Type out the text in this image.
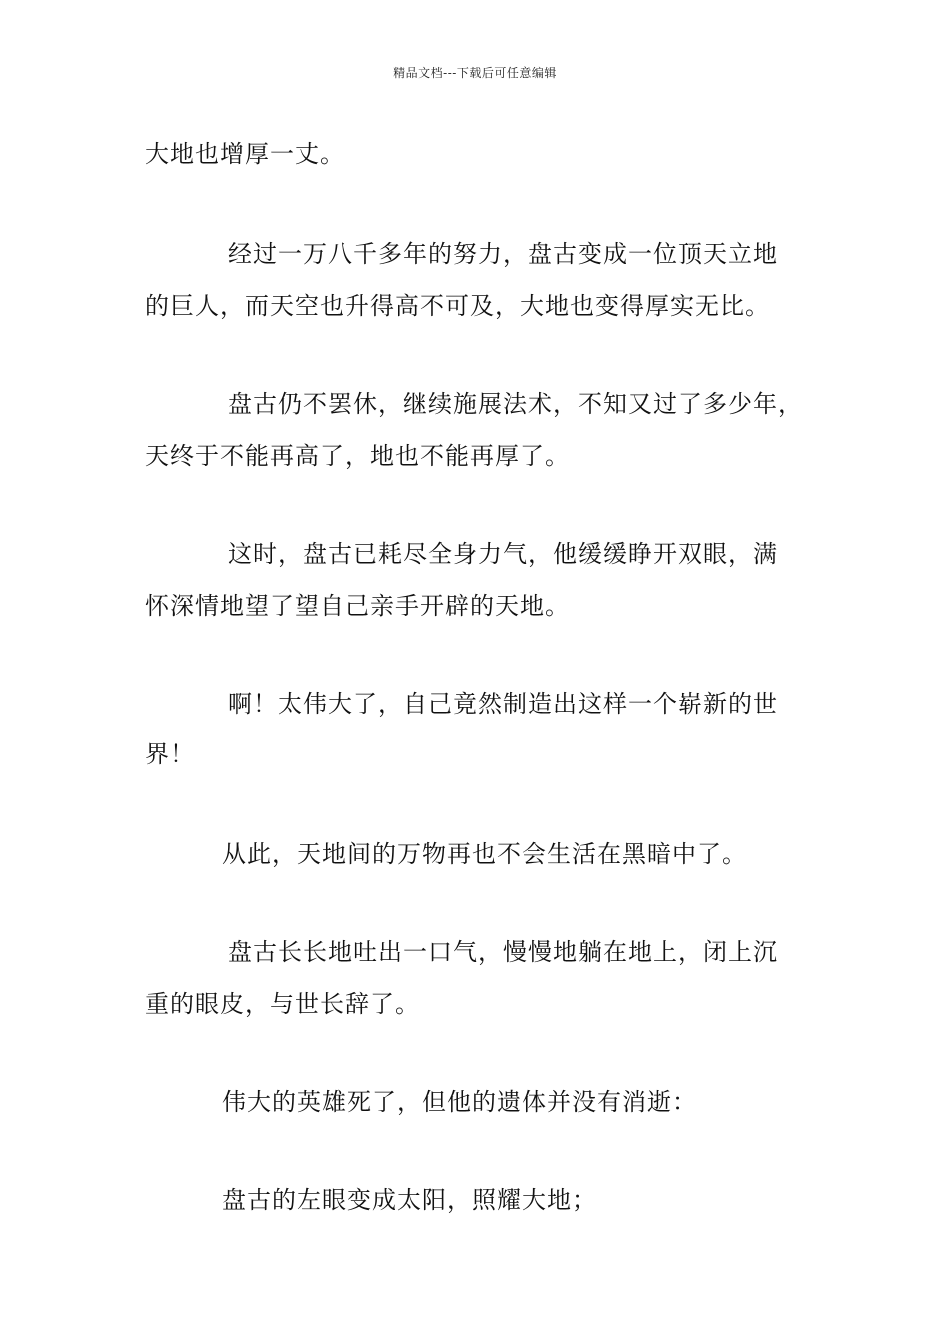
精品文档---下载后可任意编辑
大地也增厚一丈。
经过一万八千多年的努力，盘古变成一位顶天立地
的巨人，而天空也升得高不可及，大地也变得厚实无比。
盘古仍不罢休，继续施展法术，不知又过了多少年，
天终于不能再高了，地也不能再厚了。
这时，盘古已耗尽全身力气，他缓缓睁开双眼，满
怀深情地望了望自己亲手开辟的天地。
啊！太伟大了，自己竟然制造出这样一个崭新的世
界！
从此，天地间的万物再也不会生活在黑暗中了。
盘古长长地吐出一口气，慢慢地躺在地上，闭上沉
重的眼皮，与世长辞了。
伟大的英雄死了，但他的遗体并没有消逝：
盘古的左眼变成太阳，照耀大地；
